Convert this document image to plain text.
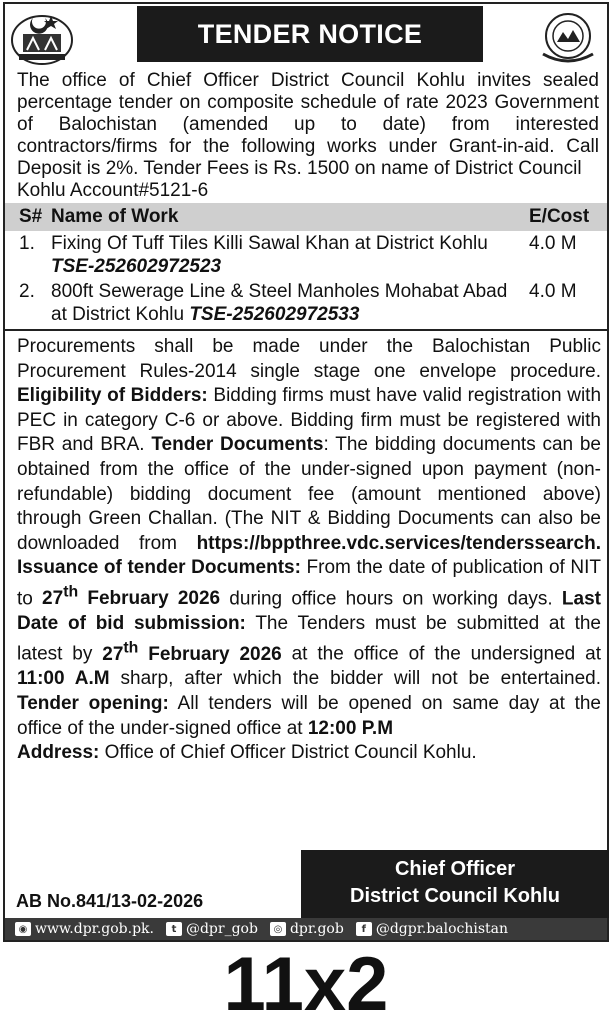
TENDER NOTICE
The office of Chief Officer District Council Kohlu invites sealed percentage tender on composite schedule of rate 2023 Government of Balochistan (amended up to date) from interested contractors/firms for the following works under Grant-in-aid. Call Deposit is 2%. Tender Fees is Rs. 1500 on name of District Council
Kohlu Account#5121-6
S#	Name of Work	E/Cost
1.	Fixing Of Tuff Tiles Killi Sawal Khan at District Kohlu TSE-252602972523	4.0 M
2.	800ft Sewerage Line & Steel Manholes Mohabat Abad at District Kohlu TSE-252602972533	4.0 M
Procurements shall be made under the Balochistan Public Procurement Rules-2014 single stage one envelope procedure. Eligibility of Bidders: Bidding firms must have valid registration with PEC in category C-6 or above. Bidding firm must be registered with FBR and BRA. Tender Documents: The bidding documents can be obtained from the office of the under-signed upon payment (non-refundable) bidding document fee (amount mentioned above) through Green Challan. (The NIT & Bidding Documents can also be downloaded from https://bppthree.vdc.services/tenderssearch. Issuance of tender Documents: From the date of publication of NIT to 27th February 2026 during office hours on working days. Last Date of bid submission: The Tenders must be submitted at the latest by 27th February 2026 at the office of the undersigned at 11:00 A.M sharp, after which the bidder will not be entertained. Tender opening: All tenders will be opened on same day at the office of the under-signed office at 12:00 P.M
Address: Office of Chief Officer District Council Kohlu.
AB No.841/13-02-2026
Chief Officer
District Council Kohlu
◉ www.dpr.gob.pk.	t @dpr_gob	◎ dpr.gob	f @dgpr.balochistan
11x2
